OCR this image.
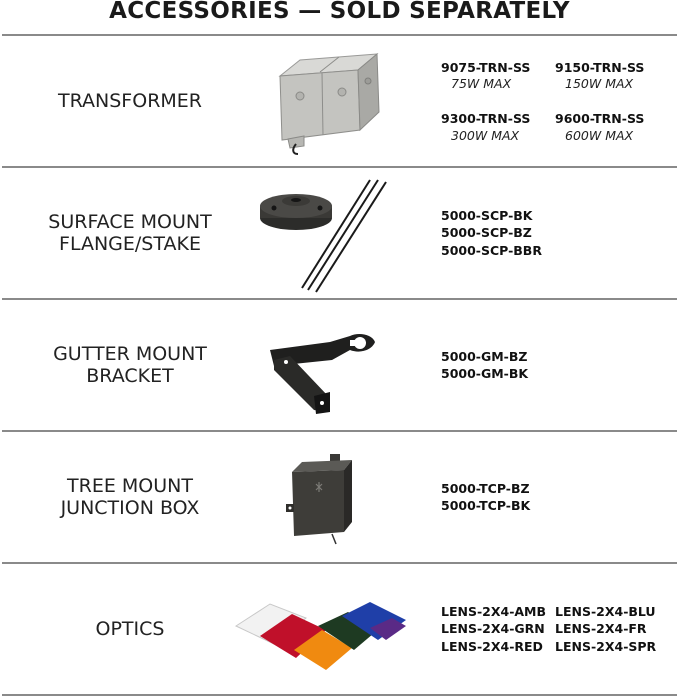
ACCESSORIES — SOLD SEPARATELY
TRANSFORMER
9075-TRN-SS
75W MAX
9150-TRN-SS
150W MAX
9300-TRN-SS
300W MAX
9600-TRN-SS
600W MAX
SURFACE MOUNT
FLANGE/STAKE
5000-SCP-BK
5000-SCP-BZ
5000-SCP-BBR
GUTTER MOUNT
BRACKET
5000-GM-BZ
5000-GM-BK
TREE MOUNT
JUNCTION BOX
5000-TCP-BZ
5000-TCP-BK
OPTICS
LENS-2X4-AMB LENS-2X4-BLU
LENS-2X4-GRN LENS-2X4-FR
LENS-2X4-RED LENS-2X4-SPR
